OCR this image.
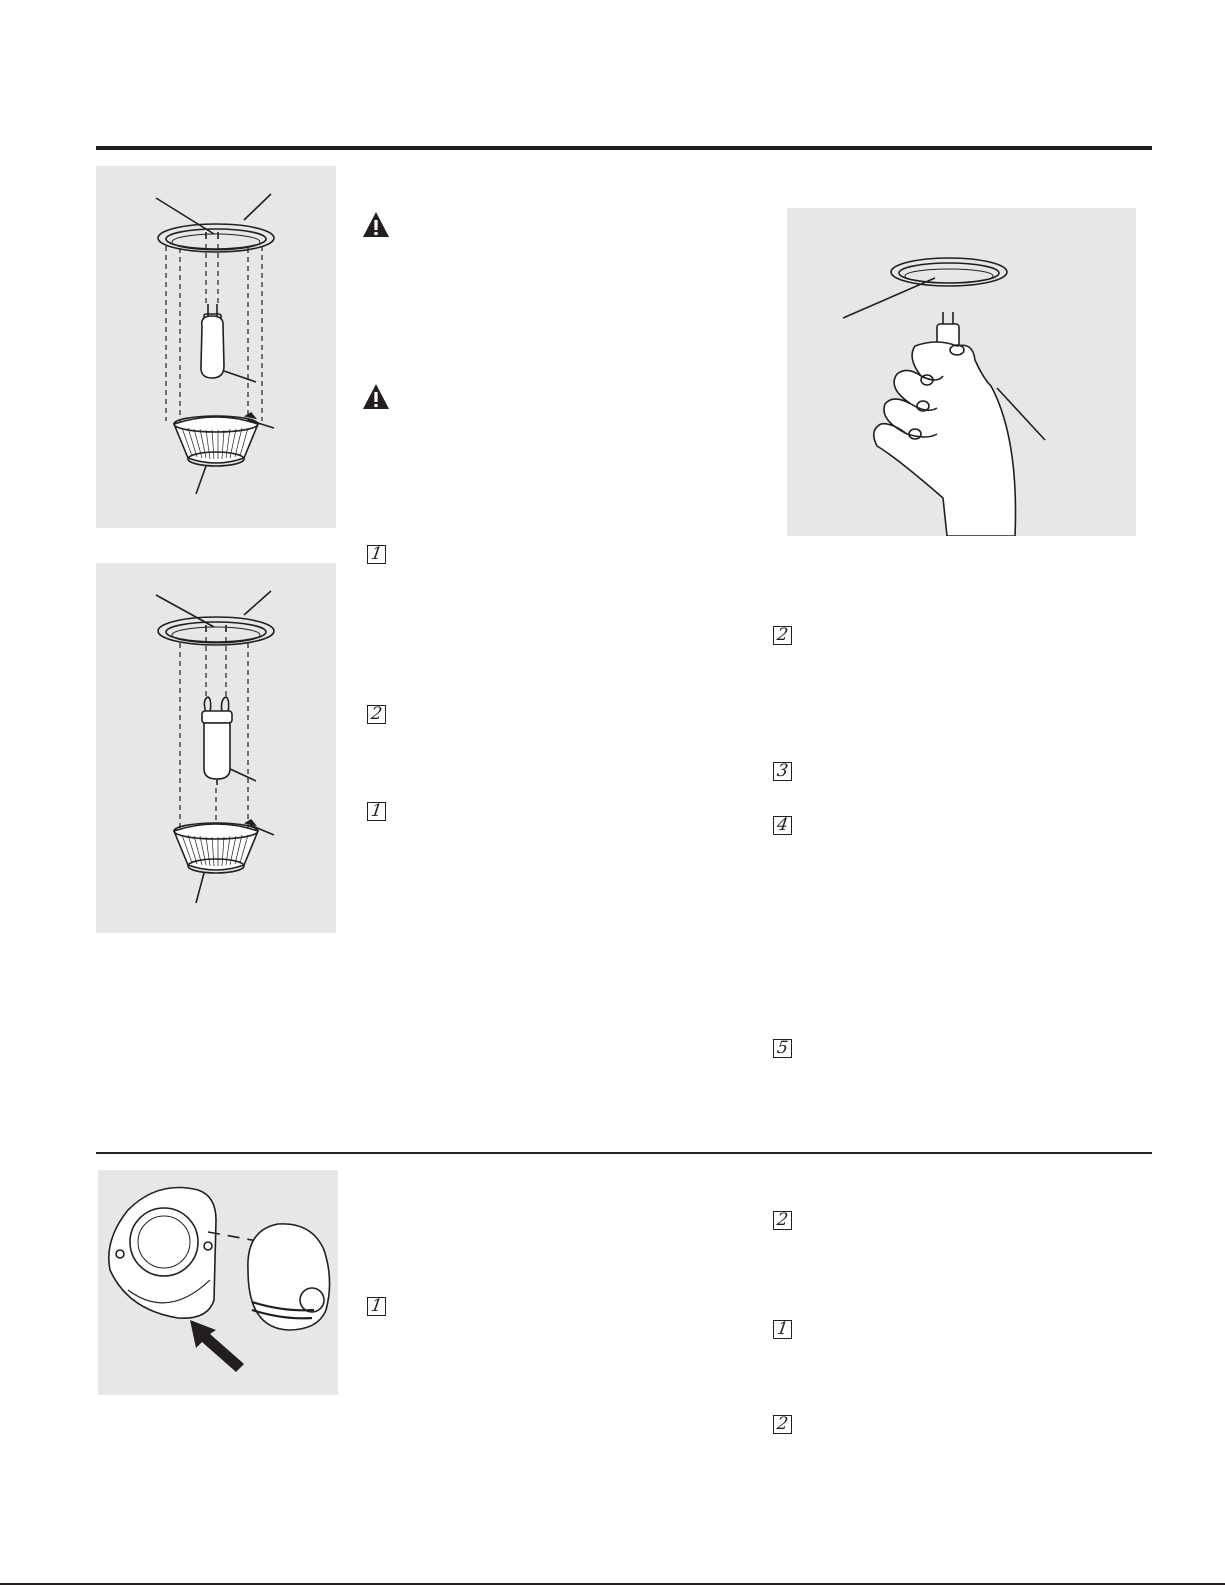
1
2
1
2
3
4
5
1
2
1
2
